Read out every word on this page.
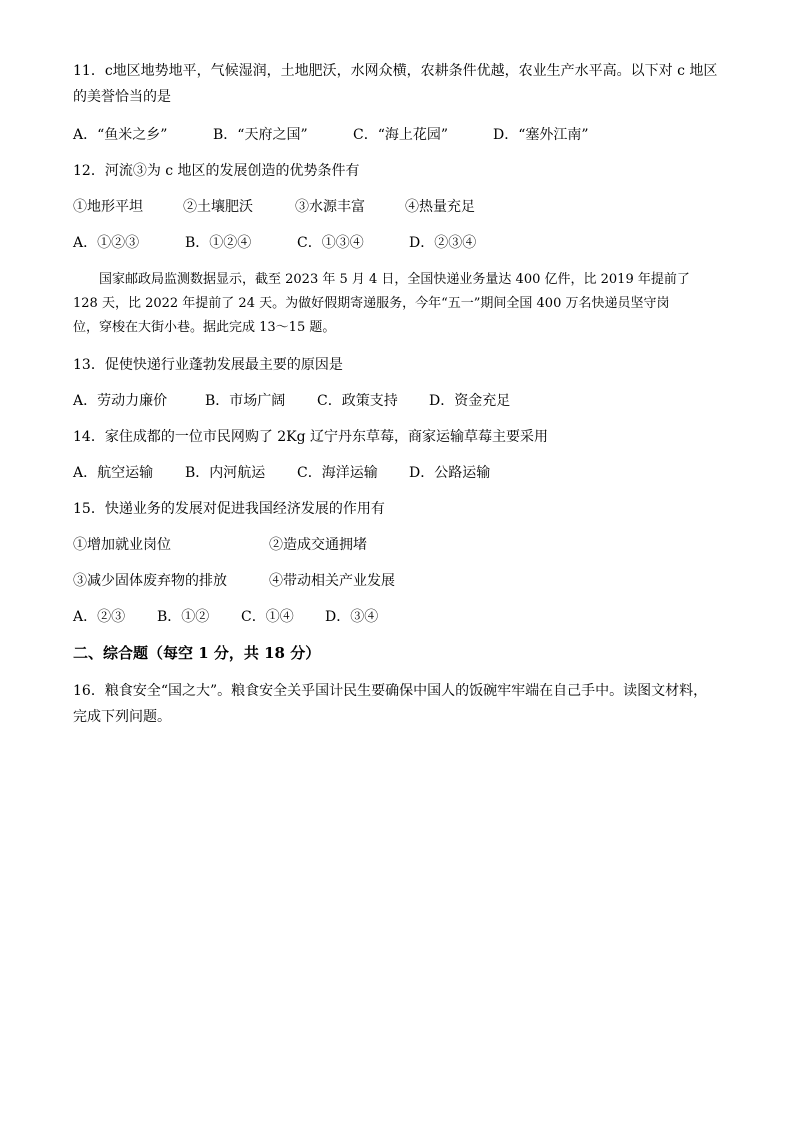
11．c地区地势地平，气候湿润，土地肥沃，水网众横，农耕条件优越，农业生产水平高。以下对 c 地区
的美誉恰当的是
A．“鱼米之乡”	B．“天府之国”	C．“海上花园”	D．“塞外江南”
12．河流③为 c 地区的发展创造的优势条件有
①地形平坦	②土壤肥沃	③水源丰富	④热量充足
A．①②③	B．①②④	C．①③④	D．②③④
国家邮政局监测数据显示，截至 2023 年 5 月 4 日，全国快递业务量达 400 亿件，比 2019 年提前了
128 天，比 2022 年提前了 24 天。为做好假期寄递服务，今年“五一”期间全国 400 万名快递员坚守岗
位，穿梭在大街小巷。据此完成 13～15 题。
13．促使快递行业蓬勃发展最主要的原因是
A．劳动力廉价	B．市场广阔	C．政策支持	D．资金充足
14．家住成都的一位市民网购了 2Kg 辽宁丹东草莓，商家运输草莓主要采用
A．航空运输	B．内河航运	C．海洋运输	D．公路运输
15．快递业务的发展对促进我国经济发展的作用有
①增加就业岗位	②造成交通拥堵
③减少固体废弃物的排放	④带动相关产业发展
A．②③	B．①②	C．①④	D．③④
二、综合题（每空 1 分，共 18 分）
16．粮食安全“国之大”。粮食安全关乎国计民生要确保中国人的饭碗牢牢端在自己手中。读图文材料，
完成下列问题。
